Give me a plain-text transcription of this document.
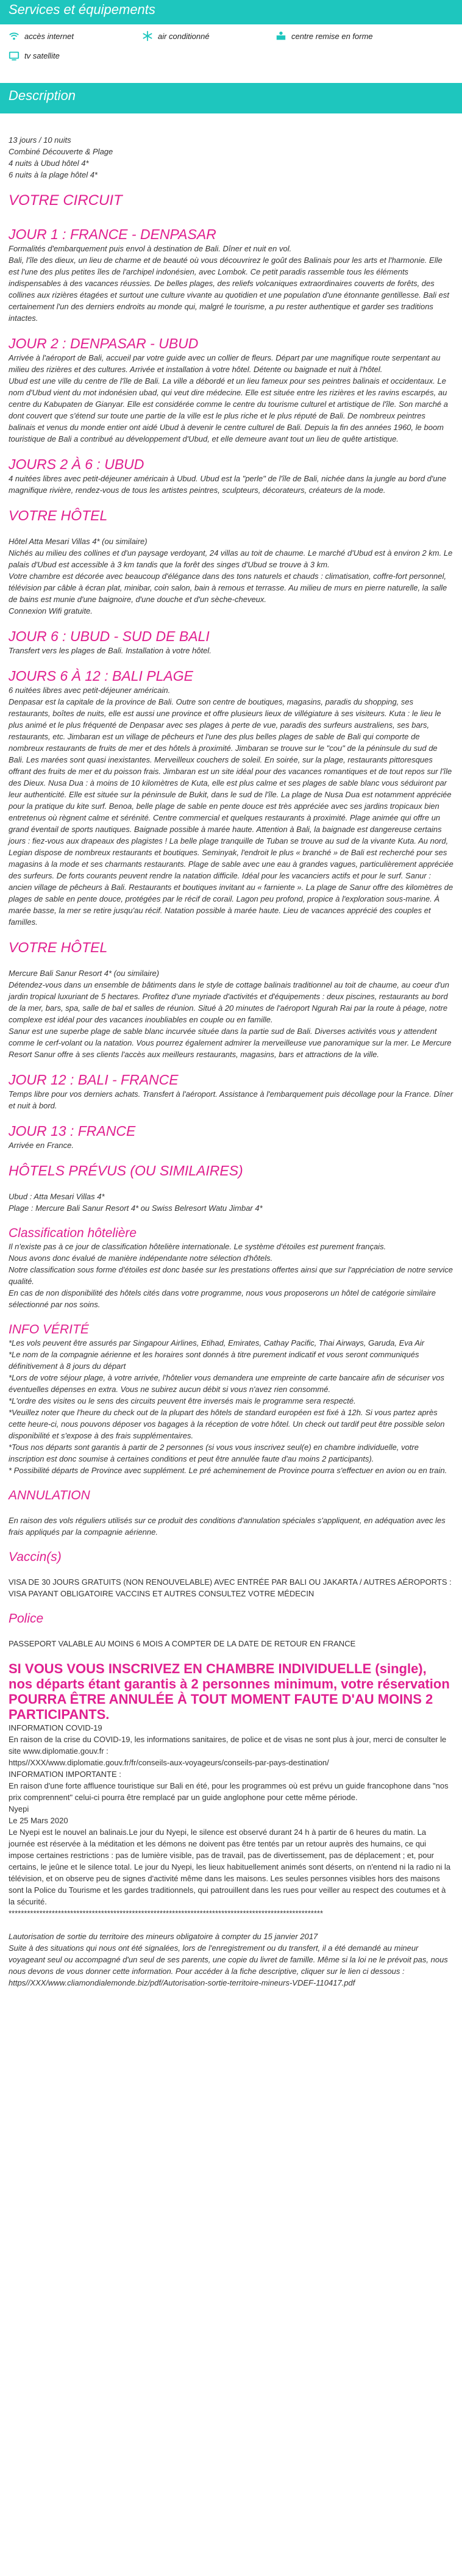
Services et équipements
accès internet	air conditionné	centre remise en forme
tv satellite
Description

13 jours / 10 nuits

Combiné Découverte & Plage

4 nuits à Ubud hôtel 4*

6 nuits à la plage hôtel 4*

VOTRE CIRCUIT
JOUR 1 : FRANCE - DENPASAR

Formalités d'embarquement puis envol à destination de Bali. Dîner et nuit en vol.
Bali, l'île des dieux, un lieu de charme et de beauté où vous découvrirez le goût des Balinais pour les arts et l'harmonie. Elle est l'une des plus petites îles de l'archipel indonésien, avec Lombok. Ce petit paradis rassemble tous les éléments indispensables à des vacances réussies. De belles plages, des reliefs volcaniques extraordinaires couverts de forêts, des collines aux rizières étagées et surtout une culture vivante au quotidien et une population d'une étonnante gentillesse. Bali est certainement l'un des derniers endroits au monde qui, malgré le tourisme, a pu rester authentique et garder ses traditions intactes.

JOUR 2 : DENPASAR - UBUD

Arrivée à l'aéroport de Bali, accueil par votre guide avec un collier de fleurs. Départ par une magnifique route serpentant au milieu des rizières et des cultures. Arrivée et installation à votre hôtel. Détente ou baignade et nuit à l'hôtel.
Ubud est une ville du centre de l'île de Bali. La ville a débordé et un lieu fameux pour ses peintres balinais et occidentaux. Le nom d'Ubud vient du mot indonésien ubad, qui veut dire médecine. Elle est située entre les rizières et les ravins escarpés, au centre du Kabupaten de Gianyar. Elle est considérée comme le centre du tourisme culturel et artistique de l'île. Son marché a dont couvert que s'étend sur toute une partie de la ville est le plus riche et le plus réputé de Bali. De nombreux peintres balinais et venus du monde entier ont aidé Ubud à devenir le centre culturel de Bali. Depuis la fin des années 1960, le boom touristique de Bali a contribué au développement d'Ubud, et elle demeure avant tout un lieu de quête artistique.

JOURS 2 À 6 : UBUD

4 nuitées libres avec petit-déjeuner américain à Ubud. Ubud est la "perle" de l'île de Bali, nichée dans la jungle au bord d'une magnifique rivière, rendez-vous de tous les artistes peintres, sculpteurs, décorateurs, créateurs de la mode.

VOTRE HÔTEL

Hôtel Atta Mesari Villas 4* (ou similaire)
Nichés au milieu des collines et d'un paysage verdoyant, 24 villas au toit de chaume. Le marché d'Ubud est à environ 2 km. Le palais d'Ubud est accessible à 3 km tandis que la forêt des singes d'Ubud se trouve à 3 km.
Votre chambre est décorée avec beaucoup d'élégance dans des tons naturels et chauds : climatisation, coffre-fort personnel, télévision par câble à écran plat, minibar, coin salon, bain à remous et terrasse. Au milieu de murs en pierre naturelle, la salle de bains est munie d'une baignoire, d'une douche et d'un sèche-cheveux.
Connexion Wifi gratuite.

JOUR 6 : UBUD - SUD DE BALI

Transfert vers les plages de Bali. Installation à votre hôtel.

JOURS 6 À 12 : BALI PLAGE

6 nuitées libres avec petit-déjeuner américain.
Denpasar est la capitale de la province de Bali. Outre son centre de boutiques, magasins, paradis du shopping, ses restaurants, boîtes de nuits, elle est aussi une province et offre plusieurs lieux de villégiature à ses visiteurs. Kuta : le lieu le plus animé et le plus fréquenté de Denpasar avec ses plages à perte de vue, paradis des surfeurs australiens, ses bars, restaurants, etc. Jimbaran est un village de pêcheurs et l'une des plus belles plages de sable de Bali qui comporte de nombreux restaurants de fruits de mer et des hôtels à proximité. Jimbaran se trouve sur le "cou" de la péninsule du sud de Bali. Les marées sont quasi inexistantes. Merveilleux couchers de soleil. En soirée, sur la plage, restaurants pittoresques offrant des fruits de mer et du poisson frais. Jimbaran est un site idéal pour des vacances romantiques et de tout repos sur l'île des Dieux. Nusa Dua : à moins de 10 kilomètres de Kuta, elle est plus calme et ses plages de sable blanc vous séduiront par leur authenticité. Elle est située sur la péninsule de Bukit, dans le sud de l'île. La plage de Nusa Dua est notamment appréciée pour la pratique du kite surf. Benoa, belle plage de sable en pente douce est très appréciée avec ses jardins tropicaux bien entretenus où règnent calme et sérénité. Centre commercial et quelques restaurants à proximité. Plage animée qui offre un grand éventail de sports nautiques. Baignade possible à marée haute. Attention à Bali, la baignade est dangereuse certains jours : fiez-vous aux drapeaux des plagistes ! La belle plage tranquille de Tuban se trouve au sud de la vivante Kuta. Au nord, Legian dispose de nombreux restaurants et boutiques. Seminyak, l'endroit le plus « branché » de Bali est recherché pour ses magasins à la mode et ses charmants restaurants. Plage de sable avec une eau à grandes vagues, particulièrement appréciée des surfeurs. De forts courants peuvent rendre la natation difficile. Idéal pour les vacanciers actifs et pour le surf. Sanur : ancien village de pêcheurs à Bali. Restaurants et boutiques invitant au « farniente ». La plage de Sanur offre des kilomètres de plages de sable en pente douce, protégées par le récif de corail. Lagon peu profond, propice à l'exploration sous-marine. À marée basse, la mer se retire jusqu'au récif. Natation possible à marée haute. Lieu de vacances apprécié des couples et familles.

VOTRE HÔTEL

Mercure Bali Sanur Resort 4* (ou similaire)
Détendez-vous dans un ensemble de bâtiments dans le style de cottage balinais traditionnel au toit de chaume, au coeur d'un jardin tropical luxuriant de 5 hectares. Profitez d'une myriade d'activités et d'équipements : deux piscines, restaurants au bord de la mer, bars, spa, salle de bal et salles de réunion. Situé à 20 minutes de l'aéroport Ngurah Rai par la route à péage, notre complexe est idéal pour des vacances inoubliables en couple ou en famille.
Sanur est une superbe plage de sable blanc incurvée située dans la partie sud de Bali. Diverses activités vous y attendent comme le cerf-volant ou la natation. Vous pourrez également admirer la merveilleuse vue panoramique sur la mer. Le Mercure Resort Sanur offre à ses clients l'accès aux meilleurs restaurants, magasins, bars et attractions de la ville.

JOUR 12 : BALI - FRANCE

Temps libre pour vos derniers achats. Transfert à l'aéroport. Assistance à l'embarquement puis décollage pour la France. Dîner et nuit à bord.

JOUR 13 : FRANCE

Arrivée en France.

HÔTELS PRÉVUS (OU SIMILAIRES)

Ubud : Atta Mesari Villas 4*
Plage : Mercure Bali Sanur Resort 4* ou Swiss Belresort Watu Jimbar 4*

Classification hôtelière

Il n'existe pas à ce jour de classification hôtelière internationale. Le système d'étoiles est purement français.
Nous avons donc évalué de manière indépendante notre sélection d'hôtels.
Notre classification sous forme d'étoiles est donc basée sur les prestations offertes ainsi que sur l'appréciation de notre service qualité.
En cas de non disponibilité des hôtels cités dans votre programme, nous vous proposerons un hôtel de catégorie similaire sélectionné par nos soins.

INFO VÉRITÉ

*Les vols peuvent être assurés par Singapour Airlines, Etihad, Emirates, Cathay Pacific, Thai Airways, Garuda, Eva Air
*Le nom de la compagnie aérienne et les horaires sont donnés à titre purement indicatif et vous seront communiqués définitivement à 8 jours du départ
*Lors de votre séjour plage, à votre arrivée, l'hôtelier vous demandera une empreinte de carte bancaire afin de sécuriser vos éventuelles dépenses en extra. Vous ne subirez aucun débit si vous n'avez rien consommé.
*L'ordre des visites ou le sens des circuits peuvent être inversés mais le programme sera respecté.
*Veuillez noter que l'heure du check out de la plupart des hôtels de standard européen est fixé à 12h. Si vous partez après cette heure-ci, nous pouvons déposer vos bagages à la réception de votre hôtel. Un check out tardif peut être possible selon disponibilité et s'expose à des frais supplémentaires.
*Tous nos départs sont garantis à partir de 2 personnes (si vous vous inscrivez seul(e) en chambre individuelle, votre inscription est donc soumise à certaines conditions et peut être annulée faute d'au moins 2 participants).
* Possibilité départs de Province avec supplément. Le pré acheminement de Province pourra s'effectuer en avion ou en train.

ANNULATION

En raison des vols réguliers utilisés sur ce produit des conditions d'annulation spéciales s'appliquent, en adéquation avec les frais appliqués par la compagnie aérienne.

Vaccin(s)

VISA DE 30 JOURS GRATUITS (NON RENOUVELABLE) AVEC ENTRÉE PAR BALI OU JAKARTA / AUTRES AÉROPORTS : VISA PAYANT OBLIGATOIRE VACCINS ET AUTRES CONSULTEZ VOTRE MÉDECIN

Police

PASSEPORT VALABLE AU MOINS 6 MOIS A COMPTER DE LA DATE DE RETOUR EN FRANCE

SI VOUS VOUS INSCRIVEZ EN CHAMBRE INDIVIDUELLE (single), nos départs étant garantis à 2 personnes minimum, votre réservation POURRA ÊTRE ANNULÉE À TOUT MOMENT FAUTE D'AU MOINS 2 PARTICIPANTS.

INFORMATION COVID-19
En raison de la crise du COVID-19, les informations sanitaires, de police et de visas ne sont plus à jour, merci de consulter le site www.diplomatie.gouv.fr :
https//XXX/www.diplomatie.gouv.fr/fr/conseils-aux-voyageurs/conseils-par-pays-destination/
INFORMATION IMPORTANTE :
En raison d'une forte affluence touristique sur Bali en été, pour les programmes où est prévu un guide francophone dans "nos prix comprennent" celui-ci pourra être remplacé par un guide anglophone pour cette même période.
Nyepi
Le 25 Mars 2020
Le Nyepi est le nouvel an balinais.Le jour du Nyepi, le silence est observé durant 24 h à partir de 6 heures du matin. La journée est réservée à la méditation et les démons ne doivent pas être tentés par un retour auprès des humains, ce qui impose certaines restrictions : pas de lumière visible, pas de travail, pas de divertissement, pas de déplacement ; et, pour certains, le jeûne et le silence total. Le jour du Nyepi, les lieux habituellement animés sont déserts, on n'entend ni la radio ni la télévision, et on observe peu de signes d'activité même dans les maisons. Les seules personnes visibles hors des maisons sont la Police du Tourisme et les gardes traditionnels, qui patrouillent dans les rues pour veiller au respect des coutumes et à la sécurité.

******************************************************************************************************

Lautorisation de sortie du territoire des mineurs obligatoire à compter du 15 janvier 2017
Suite à des situations qui nous ont été signalées, lors de l'enregistrement ou du transfert, il a été demandé au mineur voyageant seul ou accompagné d'un seul de ses parents, une copie du livret de famille. Même si la loi ne le prévoit pas, nous nous devons de vous donner cette information. Pour accéder à la fiche descriptive, cliquer sur le lien ci dessous : https//XXX/www.cliamondialemonde.biz/pdf/Autorisation-sortie-territoire-mineurs-VDEF-110417.pdf
